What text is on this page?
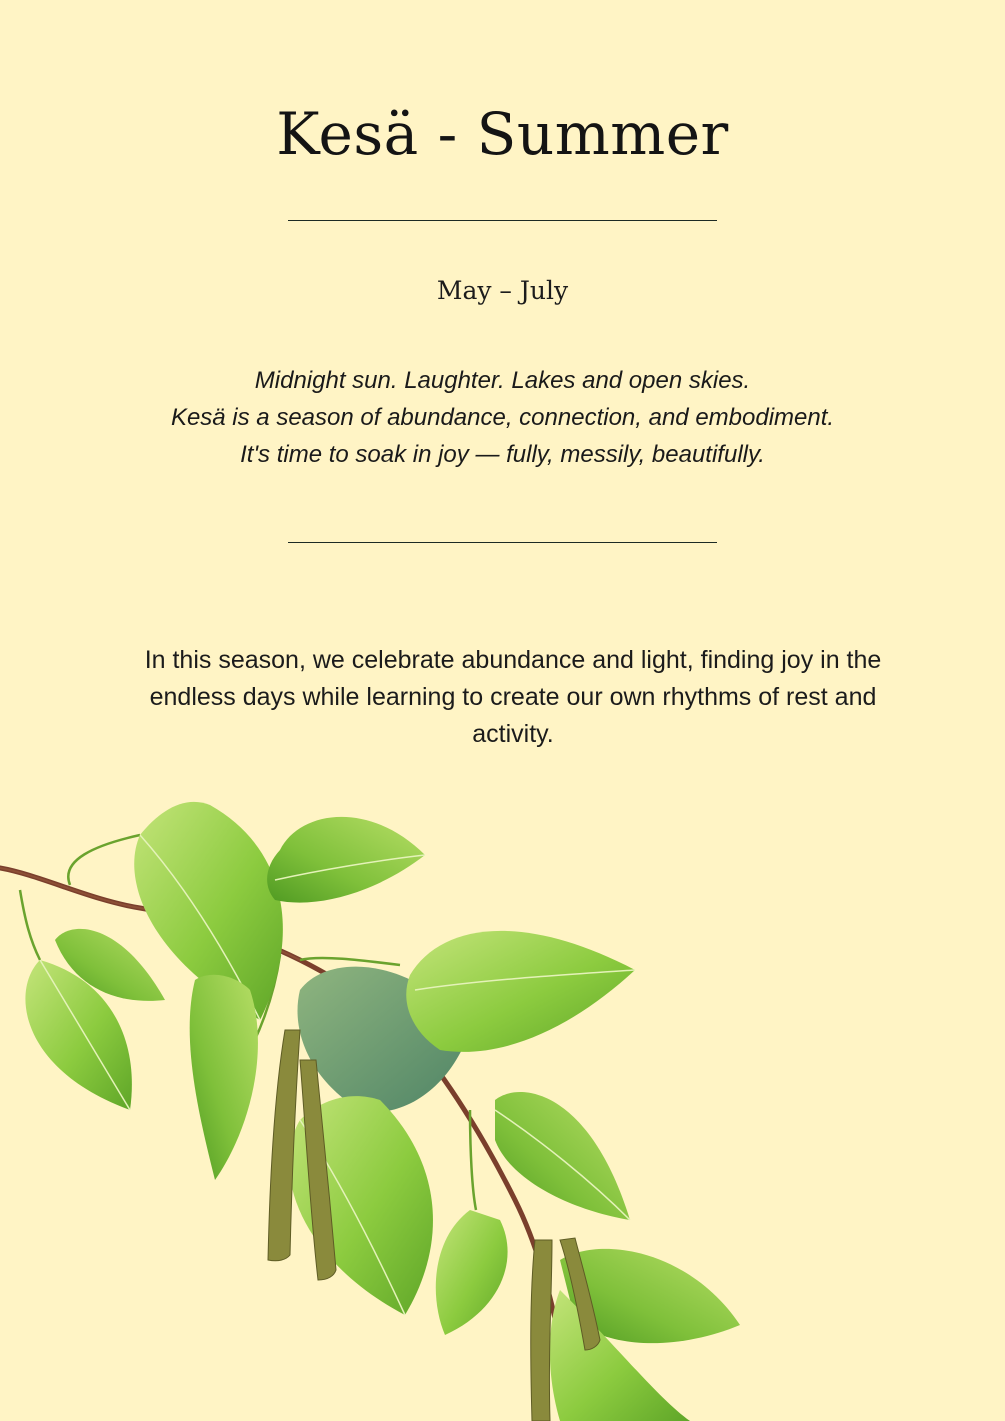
Kesä - Summer
May – July
Midnight sun. Laughter. Lakes and open skies.
Kesä is a season of abundance, connection, and embodiment.
It's time to soak in joy — fully, messily, beautifully.

In this season, we celebrate abundance and light, finding joy in the endless days while learning to create our own rhythms of rest and activity.
